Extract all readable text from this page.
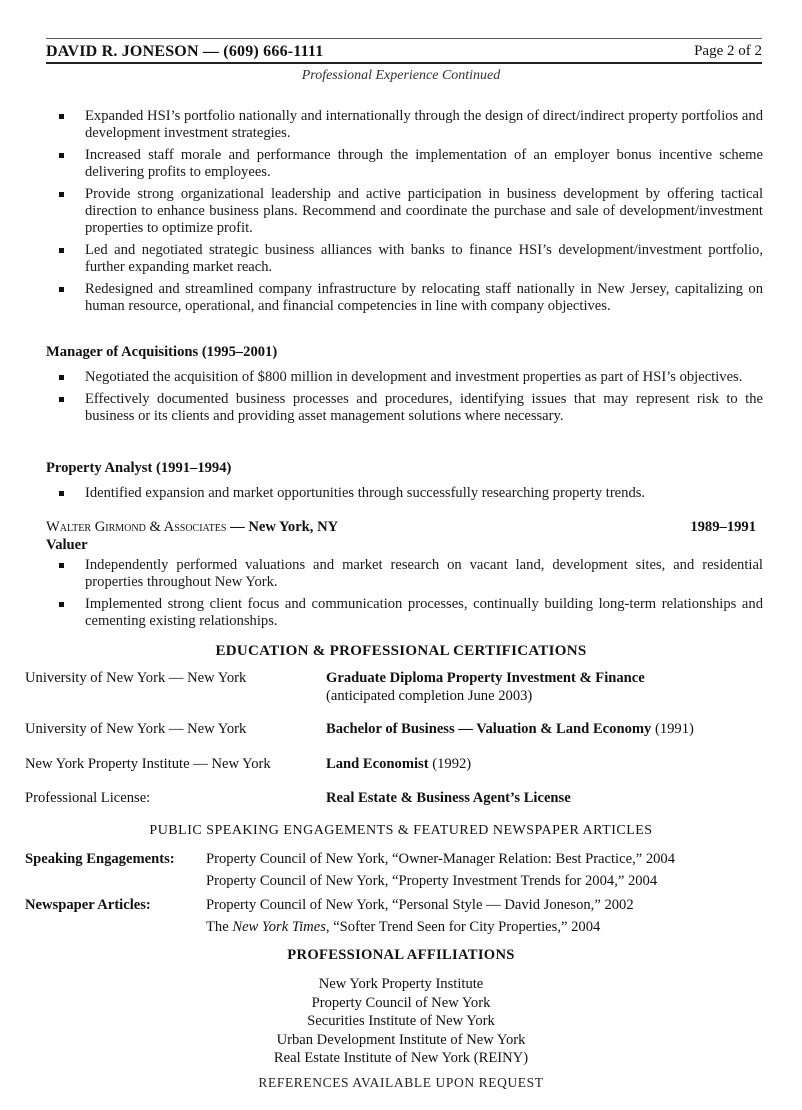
DAVID R. JONESON — (609) 666-1111	Page 2 of 2
Professional Experience Continued
Expanded HSI’s portfolio nationally and internationally through the design of direct/indirect property portfolios and development investment strategies.
Increased staff morale and performance through the implementation of an employer bonus incentive scheme delivering profits to employees.
Provide strong organizational leadership and active participation in business development by offering tactical direction to enhance business plans. Recommend and coordinate the purchase and sale of development/investment properties to optimize profit.
Led and negotiated strategic business alliances with banks to finance HSI’s development/investment portfolio, further expanding market reach.
Redesigned and streamlined company infrastructure by relocating staff nationally in New Jersey, capitalizing on human resource, operational, and financial competencies in line with company objectives.
Manager of Acquisitions (1995–2001)
Negotiated the acquisition of $800 million in development and investment properties as part of HSI’s objectives.
Effectively documented business processes and procedures, identifying issues that may represent risk to the business or its clients and providing asset management solutions where necessary.
Property Analyst (1991–1994)
Identified expansion and market opportunities through successfully researching property trends.
Walter Girmond & Associates — New York, NY	1989–1991
Valuer
Independently performed valuations and market research on vacant land, development sites, and residential properties throughout New York.
Implemented strong client focus and communication processes, continually building long-term relationships and cementing existing relationships.
EDUCATION & PROFESSIONAL CERTIFICATIONS
University of New York — New York	Graduate Diploma Property Investment & Finance
(anticipated completion June 2003)
University of New York — New York	Bachelor of Business — Valuation & Land Economy (1991)
New York Property Institute — New York	Land Economist (1992)
Professional License:	Real Estate & Business Agent’s License
PUBLIC SPEAKING ENGAGEMENTS & FEATURED NEWSPAPER ARTICLES
Speaking Engagements: Property Council of New York, “Owner-Manager Relation: Best Practice,” 2004
Property Council of New York, “Property Investment Trends for 2004,” 2004
Newspaper Articles:	Property Council of New York, “Personal Style — David Joneson,” 2002
The New York Times, “Softer Trend Seen for City Properties,” 2004
PROFESSIONAL AFFILIATIONS
New York Property Institute
Property Council of New York
Securities Institute of New York
Urban Development Institute of New York
Real Estate Institute of New York (REINY)
REFERENCES AVAILABLE UPON REQUEST
